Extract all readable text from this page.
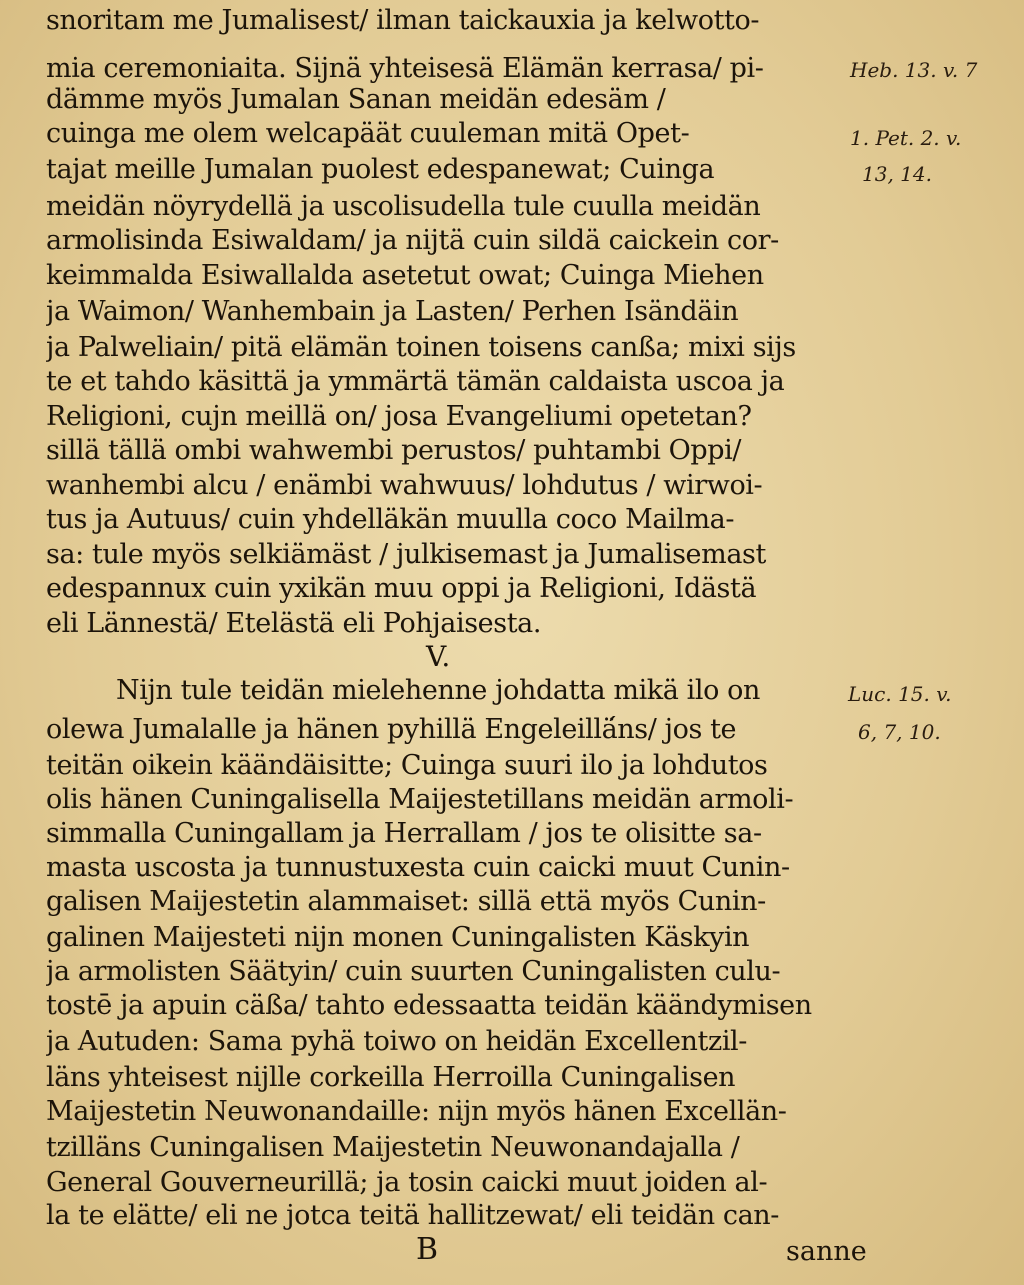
snoritam me Jumalisest/ ilman taickauxia ja kelwotto-
mia ceremoniaita. Sijnä yhteisesä Elämän kerrasa/ pi-
dämme myös Jumalan Sanan meidän edesäm /
cuinga me olem welcapäät cuuleman mitä Opet-
tajat meille Jumalan puolest edespanewat; Cuinga
meidän nöyrydellä ja uscolisudella tule cuulla meidän
armolisinda Esiwaldam/ ja nijtä cuin sildä caickein cor-
keimmalda Esiwallalda asetetut owat; Cuinga Miehen
ja Waimon/ Wanhembain ja Lasten/ Perhen Isändäin
ja Palweliain/ pitä elämän toinen toisens canßa; mixi sijs
te et tahdo käsittä ja ymmärtä tämän caldaista uscoa ja
Religioni, cujn meillä on/ josa Evangeliumi opetetan?
sillä tällä ombi wahwembi perustos/ puhtambi Oppi/
wanhembi alcu / enämbi wahwuus/ lohdutus / wirwoi-
tus ja Autuus/ cuin yhdelläkän muulla coco Mailma-
sa: tule myös selkiämäst / julkisemast ja Jumalisemast
edespannux cuin yxikän muu oppi ja Religioni, Idästä
eli Lännestä/ Etelästä eli Pohjaisesta.
V.
Nijn tule teidän mielehenne johdatta mikä ilo on
olewa Jumalalle ja hänen pyhillä Engeleillä́ns/ jos te
teitän oikein käändäisitte; Cuinga suuri ilo ja lohdutos
olis hänen Cuningalisella Maijestetillans meidän armoli-
simmalla Cuningallam ja Herrallam / jos te olisitte sa-
masta uscosta ja tunnustuxesta cuin caicki muut Cunin-
galisen Maijestetin alammaiset: sillä että myös Cunin-
galinen Maijesteti nijn monen Cuningalisten Käskyin
ja armolisten Säätyin/ cuin suurten Cuningalisten culu-
tostē ja apuin cäßa/ tahto edessaatta teidän käändymisen
ja Autuden: Sama pyhä toiwo on heidän Excellentzil-
läns yhteisest nijlle corkeilla Herroilla Cuningalisen
Maijestetin Neuwonandaille: nijn myös hänen Excellän-
tzilläns Cuningalisen Maijestetin Neuwonandajalla /
General Gouverneurillä; ja tosin caicki muut joiden al-
la te elätte/ eli ne jotca teitä hallitzewat/ eli teidän can-
B	sanne
Heb. 13. v. 7
1. Pet. 2. v.
13, 14.
Luc. 15. v.
6, 7, 10.
